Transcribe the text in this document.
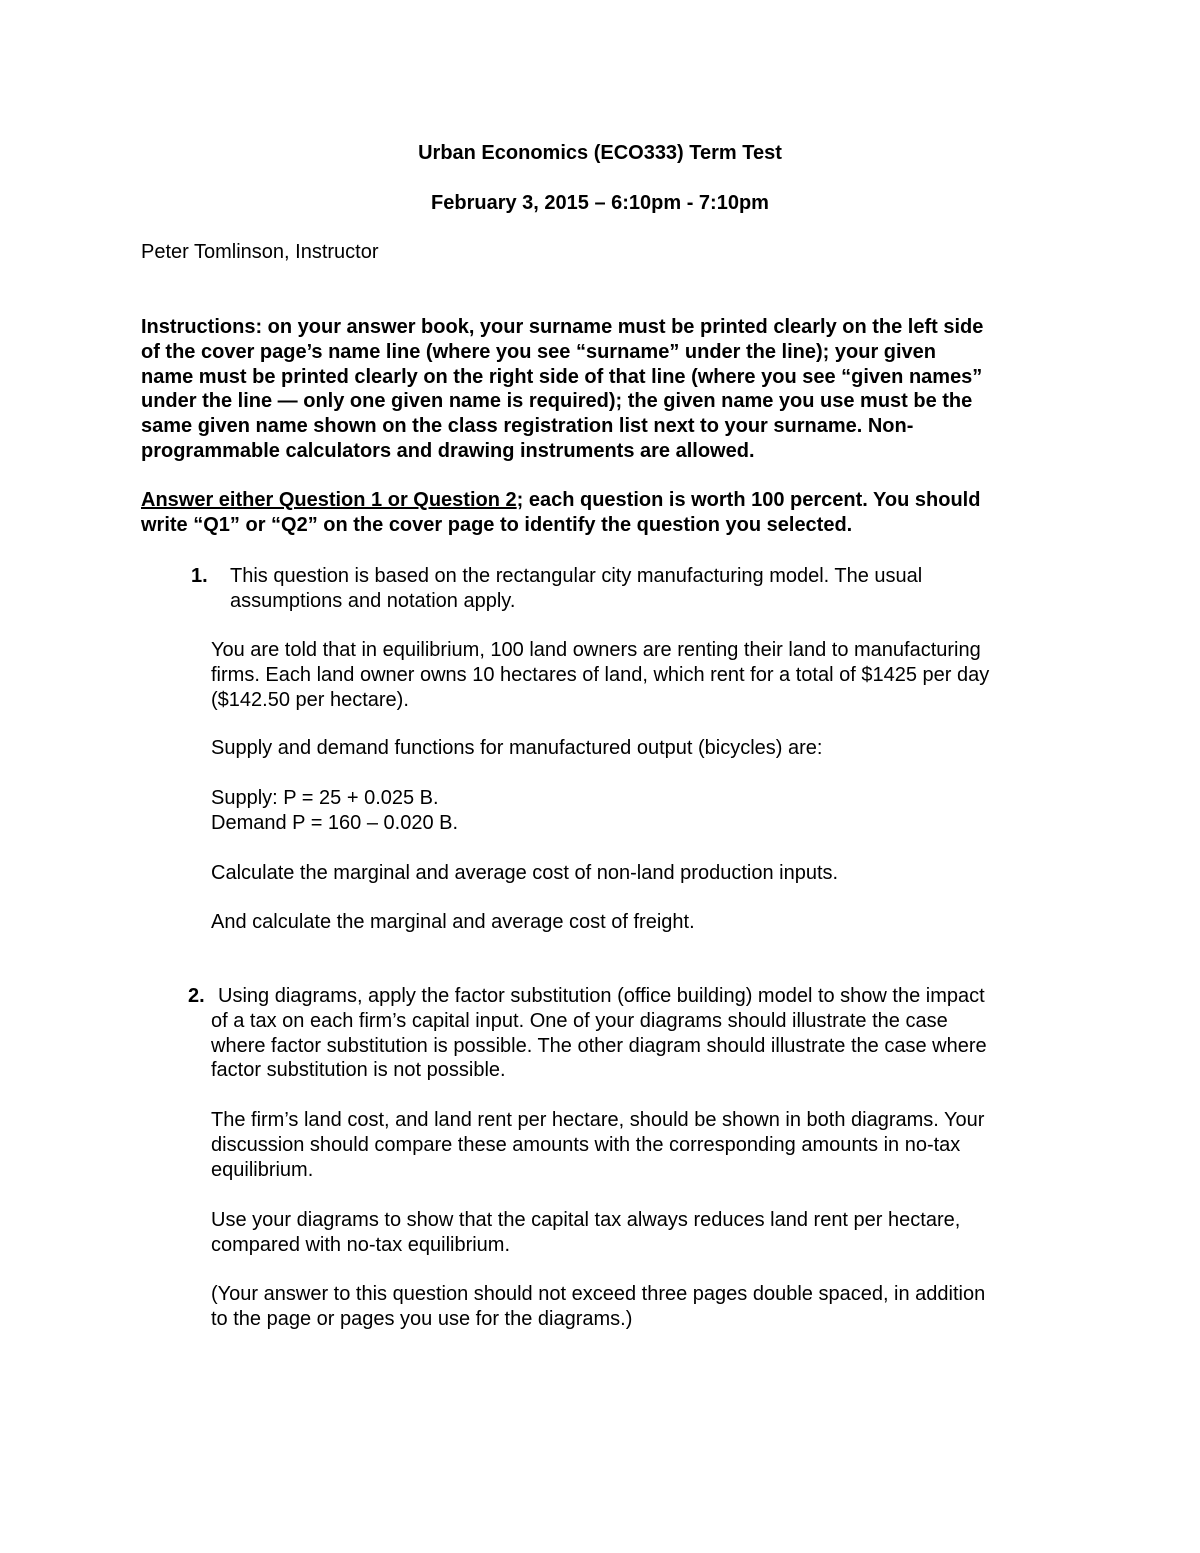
Urban Economics (ECO333) Term Test
February 3, 2015 – 6:10pm - 7:10pm
Peter Tomlinson, Instructor

Instructions: on your answer book, your surname must be printed clearly on the left side

of the cover page’s name line (where you see “surname” under the line); your given

name must be printed clearly on the right side of that line (where you see “given names”

under the line — only one given name is required); the given name you use must be the

same given name shown on the class registration list next to your surname. Non-

programmable calculators and drawing instruments are allowed.

Answer either Question 1 or Question 2; each question is worth 100 percent. You should

write “Q1” or “Q2” on the cover page to identify the question you selected.

1. This question is based on the rectangular city manufacturing model. The usual

assumptions and notation apply.

You are told that in equilibrium, 100 land owners are renting their land to manufacturing

firms. Each land owner owns 10 hectares of land, which rent for a total of $1425 per day

($142.50 per hectare).

Supply and demand functions for manufactured output (bicycles) are:

Supply: P = 25 + 0.025 B.

Demand P = 160 – 0.020 B.

Calculate the marginal and average cost of non-land production inputs.
And calculate the marginal and average cost of freight.
2. Using diagrams, apply the factor substitution (office building) model to show the impact

of a tax on each firm’s capital input. One of your diagrams should illustrate the case

where factor substitution is possible. The other diagram should illustrate the case where

factor substitution is not possible.

The firm’s land cost, and land rent per hectare, should be shown in both diagrams. Your

discussion should compare these amounts with the corresponding amounts in no-tax

equilibrium.

Use your diagrams to show that the capital tax always reduces land rent per hectare,

compared with no-tax equilibrium.

(Your answer to this question should not exceed three pages double spaced, in addition

to the page or pages you use for the diagrams.)
